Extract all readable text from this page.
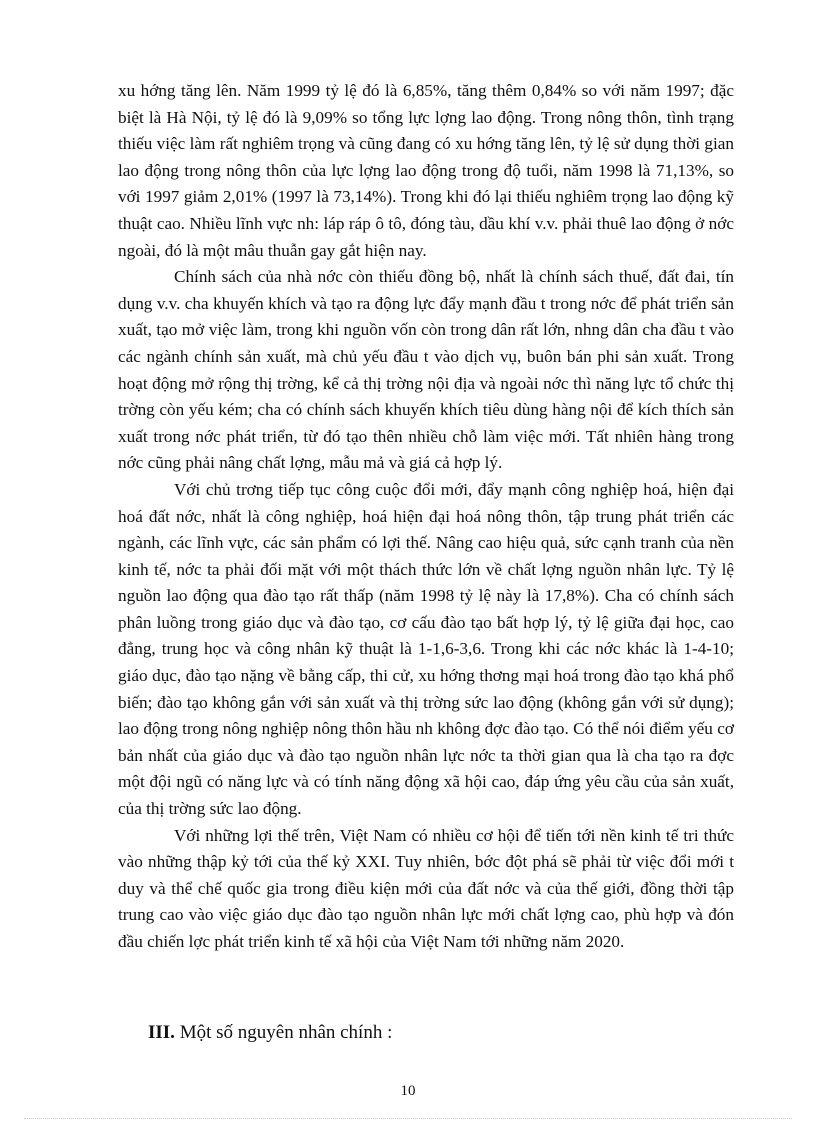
xu hớng tăng lên. Năm 1999 tỷ lệ đó là 6,85%, tăng thêm 0,84% so với năm 1997; đặc biệt là Hà Nội, tỷ lệ đó là 9,09% so tổng lực lợng lao động. Trong nông thôn, tình trạng thiếu việc làm rất nghiêm trọng và cũng đang có xu hớng tăng lên, tỷ lệ sử dụng thời gian lao động trong nông thôn của lực lợng lao động trong độ tuổi, năm 1998 là 71,13%, so với 1997 giảm 2,01% (1997 là 73,14%). Trong khi đó lại thiếu nghiêm trọng lao động kỹ thuật cao. Nhiều lĩnh vực nh: láp ráp ô tô, đóng tàu, dầu khí v.v. phải thuê lao động ở nớc ngoài, đó là một mâu thuẫn gay gắt hiện nay.

Chính sách của nhà nớc còn thiếu đồng bộ, nhất là chính sách thuế, đất đai, tín dụng v.v. cha khuyến khích và tạo ra động lực đẩy mạnh đầu t trong nớc để phát triển sản xuất, tạo mở việc làm, trong khi nguồn vốn còn trong dân rất lớn, nhng dân cha đầu t vào các ngành chính sản xuất, mà chủ yếu đầu t vào dịch vụ, buôn bán phi sản xuất. Trong hoạt động mở rộng thị trờng, kể cả thị trờng nội địa và ngoài nớc thì năng lực tổ chức thị trờng còn yếu kém; cha có chính sách khuyến khích tiêu dùng hàng nội để kích thích sản xuất trong nớc phát triển, từ đó tạo thên nhiều chỗ làm việc mới. Tất nhiên hàng trong nớc cũng phải nâng chất lợng, mẫu mả và giá cả hợp lý.

Với chủ trơng tiếp tục công cuộc đổi mới, đẩy mạnh công nghiệp hoá, hiện đại hoá đất nớc, nhất là công nghiệp, hoá hiện đại hoá nông thôn, tập trung phát triển các ngành, các lĩnh vực, các sản phẩm có lợi thế. Nâng cao hiệu quả, sức cạnh tranh của nền kinh tế, nớc ta phải đối mặt với một thách thức lớn về chất lợng nguồn nhân lực. Tỷ lệ nguồn lao động qua đào tạo rất thấp (năm 1998 tỷ lệ này là 17,8%). Cha có chính sách phân luồng trong giáo dục và đào tạo, cơ cấu đào tạo bất hợp lý, tỷ lệ giữa đại học, cao đẳng, trung học và công nhân kỹ thuật là 1-1,6-3,6. Trong khi các nớc khác là 1-4-10; giáo dục, đào tạo nặng về bằng cấp, thi cử, xu hớng thơng mại hoá trong đào tạo khá phổ biến; đào tạo không gắn với sản xuất và thị trờng sức lao động (không gắn với sử dụng); lao động trong nông nghiệp nông thôn hầu nh không đợc đào tạo. Có thể nói điểm yếu cơ bản nhất của giáo dục và đào tạo nguồn nhân lực nớc ta thời gian qua là cha tạo ra đợc một đội ngũ có năng lực và có tính năng động xã hội cao, đáp ứng yêu cầu của sản xuất, của thị trờng sức lao động.

Với những lợi thế trên, Việt Nam có nhiều cơ hội để tiến tới nền kinh tế tri thức vào những thập kỷ tới của thế kỷ XXI. Tuy nhiên, bớc đột phá sẽ phải từ việc đổi mới t duy và thể chế quốc gia trong điều kiện mới của đất nớc và của thế giới, đồng thời tập trung cao vào việc giáo dục đào tạo nguồn nhân lực mới chất lợng cao, phù hợp và đón đầu chiến lợc phát triển kinh tế xã hội của Việt Nam tới những năm 2020.

III. Một số nguyên nhân chính :
10
